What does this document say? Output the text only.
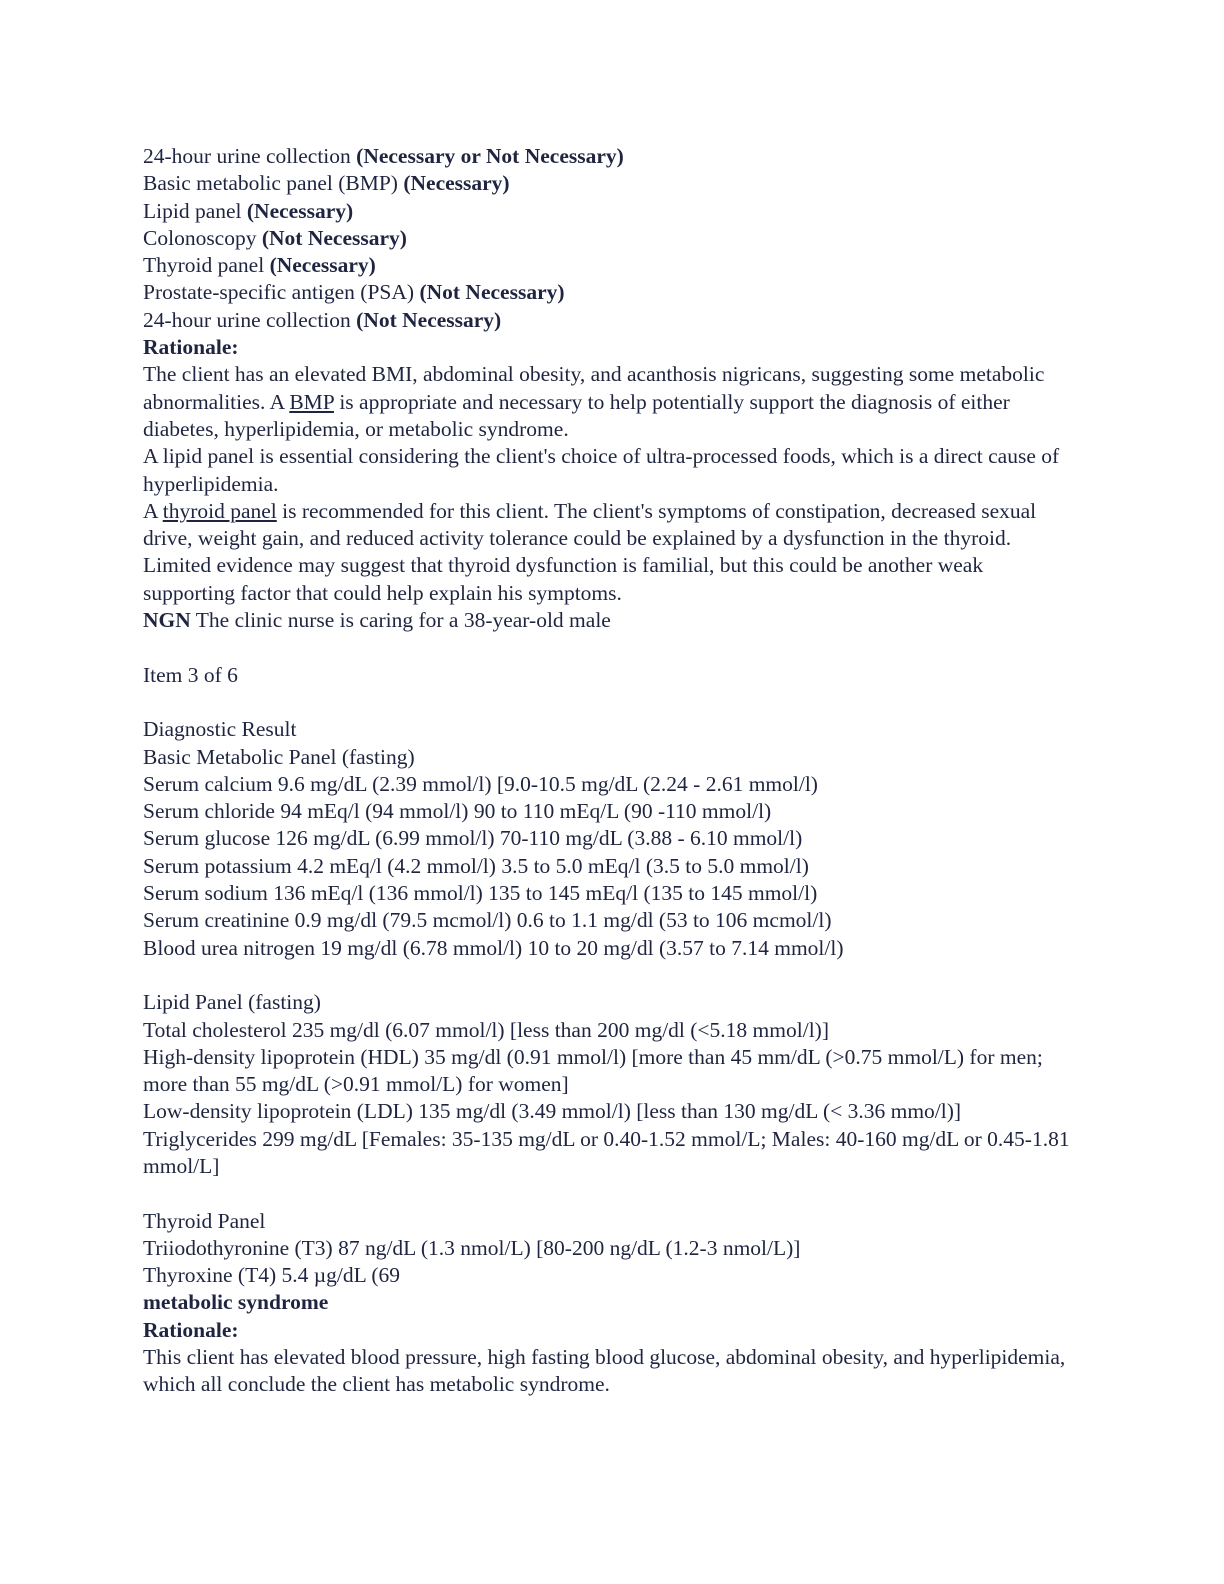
24-hour urine collection (Necessary or Not Necessary)
Basic metabolic panel (BMP) (Necessary)
Lipid panel (Necessary)
Colonoscopy (Not Necessary)
Thyroid panel (Necessary)
Prostate-specific antigen (PSA) (Not Necessary)
24-hour urine collection (Not Necessary)
Rationale:
The client has an elevated BMI, abdominal obesity, and acanthosis nigricans, suggesting some metabolic abnormalities. A BMP is appropriate and necessary to help potentially support the diagnosis of either diabetes, hyperlipidemia, or metabolic syndrome.
A lipid panel is essential considering the client's choice of ultra-processed foods, which is a direct cause of hyperlipidemia.
A thyroid panel is recommended for this client. The client's symptoms of constipation, decreased sexual drive, weight gain, and reduced activity tolerance could be explained by a dysfunction in the thyroid. Limited evidence may suggest that thyroid dysfunction is familial, but this could be another weak supporting factor that could help explain his symptoms.
NGN The clinic nurse is caring for a 38-year-old male
Item 3 of 6
Diagnostic Result
Basic Metabolic Panel (fasting)
Serum calcium 9.6 mg/dL (2.39 mmol/l) [9.0-10.5 mg/dL (2.24 - 2.61 mmol/l)
Serum chloride 94 mEq/l (94 mmol/l) 90 to 110 mEq/L (90 -110 mmol/l)
Serum glucose 126 mg/dL (6.99 mmol/l) 70-110 mg/dL (3.88 - 6.10 mmol/l)
Serum potassium 4.2 mEq/l (4.2 mmol/l) 3.5 to 5.0 mEq/l (3.5 to 5.0 mmol/l)
Serum sodium 136 mEq/l (136 mmol/l) 135 to 145 mEq/l (135 to 145 mmol/l)
Serum creatinine 0.9 mg/dl (79.5 mcmol/l) 0.6 to 1.1 mg/dl (53 to 106 mcmol/l)
Blood urea nitrogen 19 mg/dl (6.78 mmol/l) 10 to 20 mg/dl (3.57 to 7.14 mmol/l)
Lipid Panel (fasting)
Total cholesterol 235 mg/dl (6.07 mmol/l) [less than 200 mg/dl (<5.18 mmol/l)]
High-density lipoprotein (HDL) 35 mg/dl (0.91 mmol/l) [more than 45 mm/dL (>0.75 mmol/L) for men; more than 55 mg/dL (>0.91 mmol/L) for women]
Low-density lipoprotein (LDL) 135 mg/dl (3.49 mmol/l) [less than 130 mg/dL (< 3.36 mmo/l)]
Triglycerides 299 mg/dL [Females: 35-135 mg/dL or 0.40-1.52 mmol/L; Males: 40-160 mg/dL or 0.45-1.81 mmol/L]
Thyroid Panel
Triiodothyronine (T3) 87 ng/dL (1.3 nmol/L) [80-200 ng/dL (1.2-3 nmol/L)]
Thyroxine (T4) 5.4 µg/dL (69
metabolic syndrome
Rationale:
This client has elevated blood pressure, high fasting blood glucose, abdominal obesity, and hyperlipidemia, which all conclude the client has metabolic syndrome.
